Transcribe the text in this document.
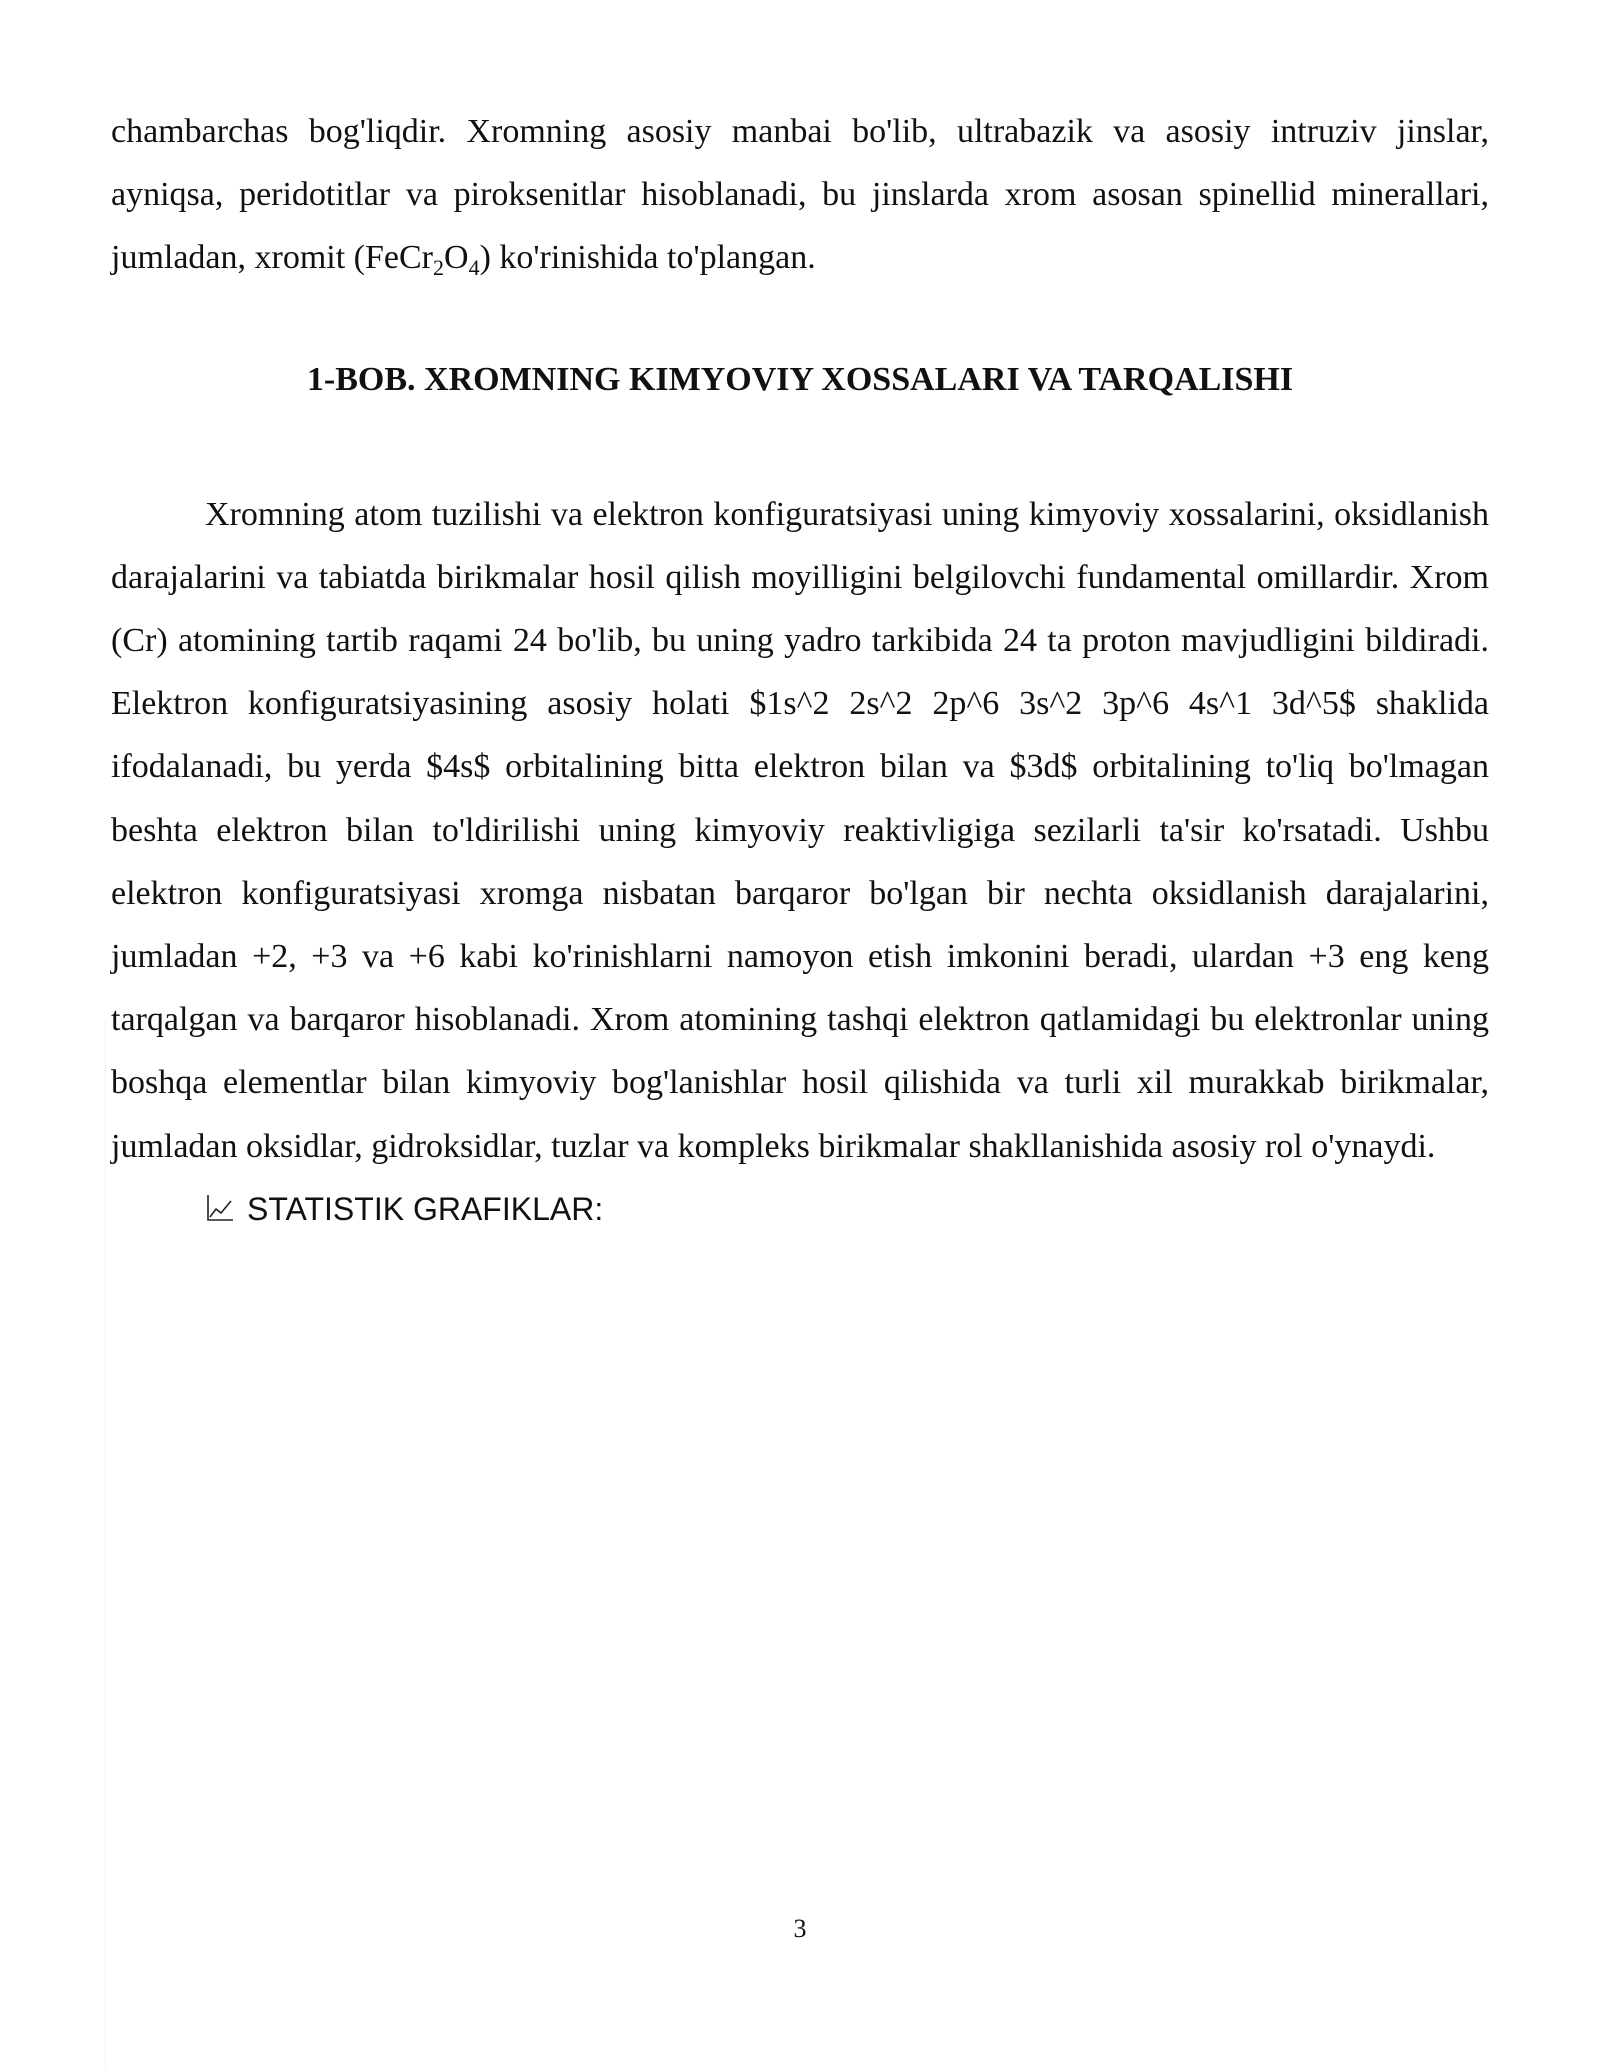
chambarchas bog'liqdir. Xromning asosiy manbai bo'lib, ultrabazik va asosiy intruziv jinslar, ayniqsa, peridotitlar va piroksenitlar hisoblanadi, bu jinslarda xrom asosan spinellid minerallari, jumladan, xromit $(FeCr_2O_4)$ ko'rinishida to'plangan.

1-BOB. XROMNING KIMYOVIY XOSSALARI VA TARQALISHI

Xromning atom tuzilishi va elektron konfiguratsiyasi uning kimyoviy xossalarini, oksidlanish darajalarini va tabiatda birikmalar hosil qilish moyilligini belgilovchi fundamental omillardir. Xrom (Cr) atomining tartib raqami 24 bo'lib, bu uning yadro tarkibida 24 ta proton mavjudligini bildiradi. Elektron konfiguratsiyasining asosiy holati $1s^2 2s^2 2p^6 3s^2 3p^6 4s^1 3d^5$ shaklida ifodalanadi, bu yerda $4s$ orbitalining bitta elektron bilan va $3d$ orbitalining to'liq bo'lmagan beshta elektron bilan to'ldirilishi uning kimyoviy reaktivligiga sezilarli ta'sir ko'rsatadi. Ushbu elektron konfiguratsiyasi xromga nisbatan barqaror bo'lgan bir nechta oksidlanish darajalarini, jumladan +2, +3 va +6 kabi ko'rinishlarni namoyon etish imkonini beradi, ulardan +3 eng keng tarqalgan va barqaror hisoblanadi. Xrom atomining tashqi elektron qatlamidagi bu elektronlar uning boshqa elementlar bilan kimyoviy bog'lanishlar hosil qilishida va turli xil murakkab birikmalar, jumladan oksidlar, gidroksidlar, tuzlar va kompleks birikmalar shakllanishida asosiy rol o'ynaydi.

STATISTIK GRAFIKLAR:

3
